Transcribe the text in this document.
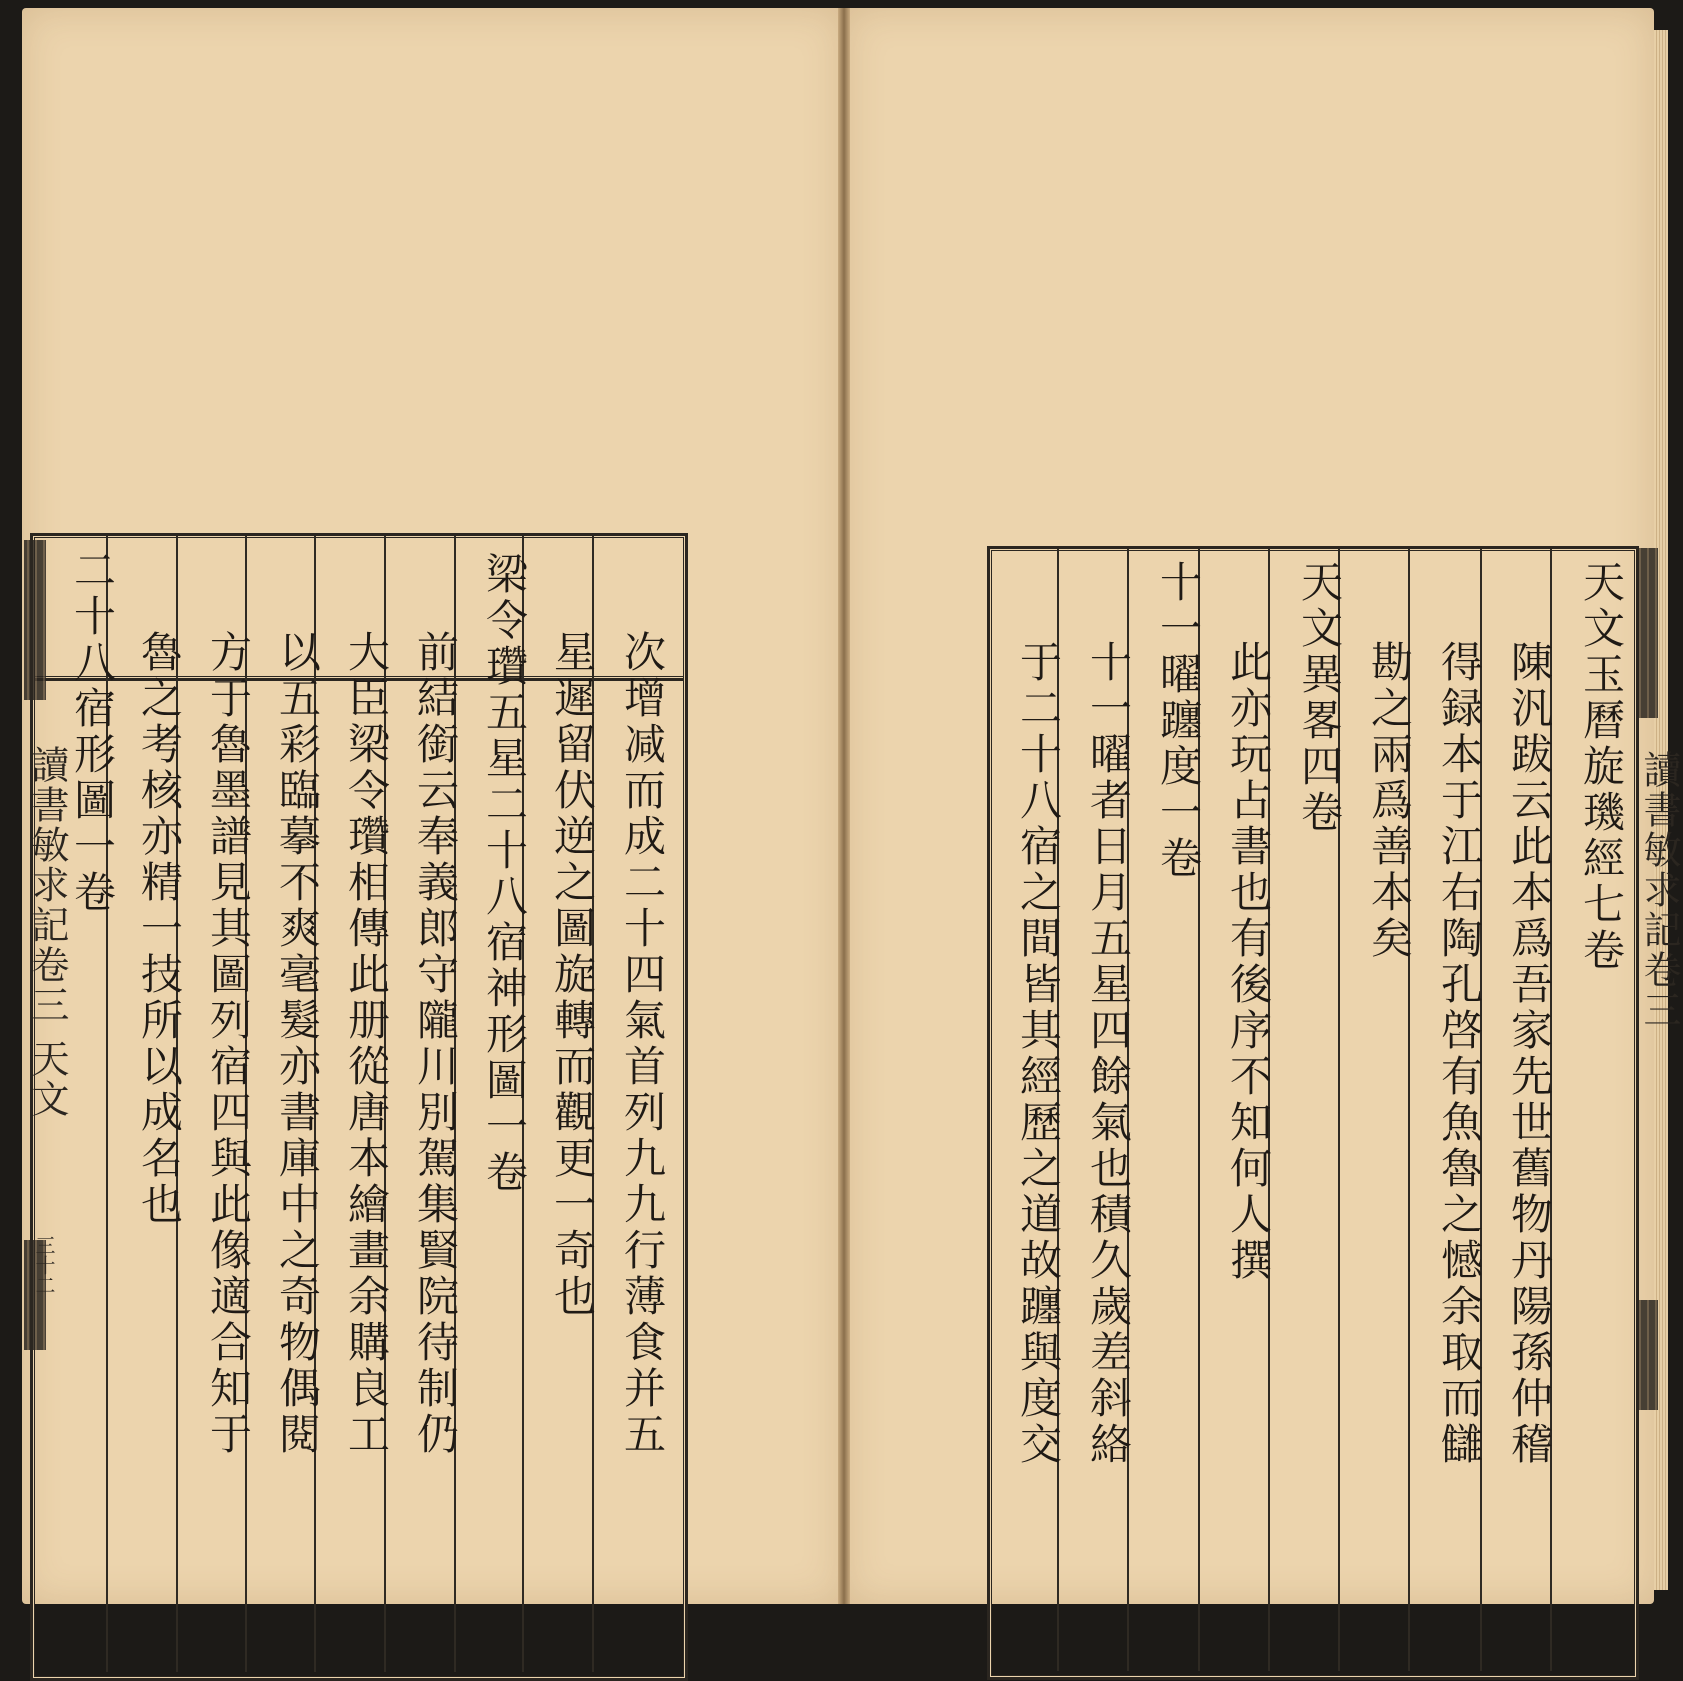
讀書敏求記卷三 天文
三十二	次增减而成二十四氣首列九九行薄食并五
星遲留伏逆之圖旋轉而觀更一奇也
梁令瓚五星二十八宿神形圖一卷
前結銜云奉義郎守隴川別駕集賢院待制仍
大臣梁令瓚相傳此册從唐本繪畫余購良工
以五彩臨摹不爽毫髮亦書庫中之奇物偶閱
方于魯墨譜見其圖列宿四與此像適合知于
魯之考核亦精一技所以成名也
二十八宿形圖一卷	讀書敏求記卷三
天文玉曆旋璣經七卷
陳汎跋云此本爲吾家先世舊物丹陽孫仲稽
得録本于江右陶孔啓有魚魯之憾余取而讎
勘之兩爲善本矣
天文異畧四卷
此亦玩占書也有後序不知何人撰
十一曜躔度一卷
十一曜者日月五星四餘氣也積久歲差斜絡
于二十八宿之間皆其經歷之道故躔與度交
